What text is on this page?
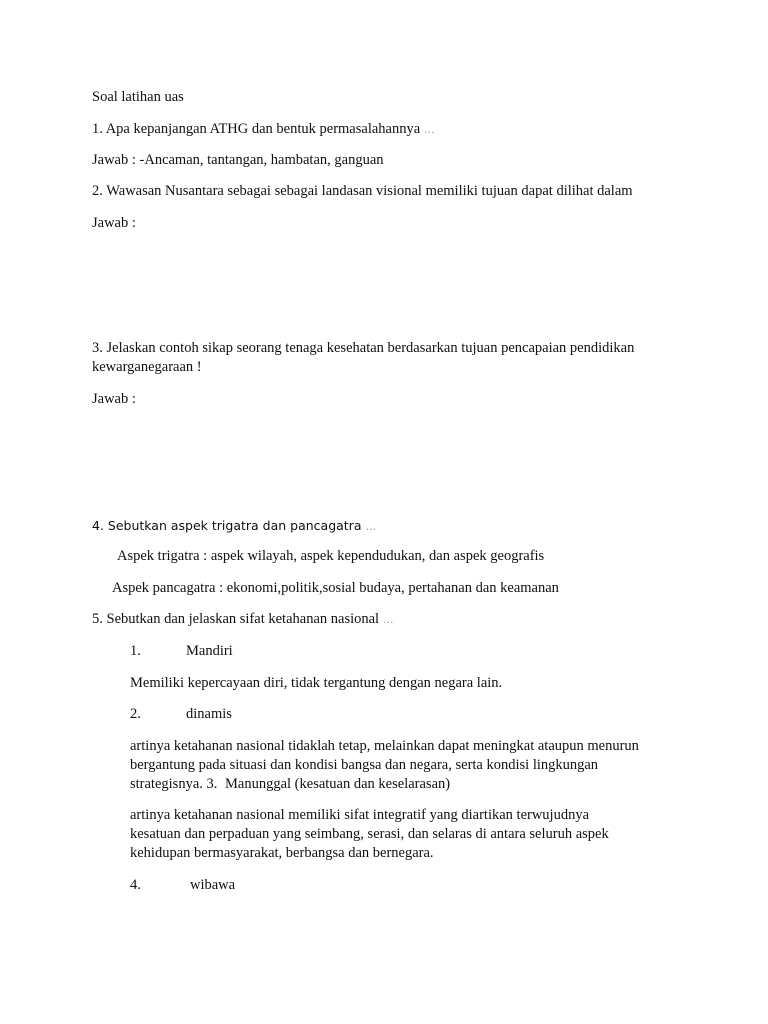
Soal latihan uas
1. Apa kepanjangan ATHG dan bentuk permasalahannya …
Jawab : -Ancaman, tantangan, hambatan, ganguan
2. Wawasan Nusantara sebagai sebagai landasan visional memiliki tujuan dapat dilihat dalam
Jawab :
3. Jelaskan contoh sikap seorang tenaga kesehatan berdasarkan tujuan pencapaian pendidikan
kewarganegaraan !
Jawab :
4. Sebutkan aspek trigatra dan pancagatra …
Aspek trigatra : aspek wilayah, aspek kependudukan, dan aspek geografis
Aspek pancagatra : ekonomi,politik,sosial budaya, pertahanan dan keamanan
5. Sebutkan dan jelaskan sifat ketahanan nasional …
1.	Mandiri
Memiliki kepercayaan diri, tidak tergantung dengan negara lain.
2.	dinamis
artinya ketahanan nasional tidaklah tetap, melainkan dapat meningkat ataupun menurun
bergantung pada situasi dan kondisi bangsa dan negara, serta kondisi lingkungan
strategisnya. 3. Manunggal (kesatuan dan keselarasan)
artinya ketahanan nasional memiliki sifat integratif yang diartikan terwujudnya
kesatuan dan perpaduan yang seimbang, serasi, dan selaras di antara seluruh aspek
kehidupan bermasyarakat, berbangsa dan bernegara.
4.	wibawa
